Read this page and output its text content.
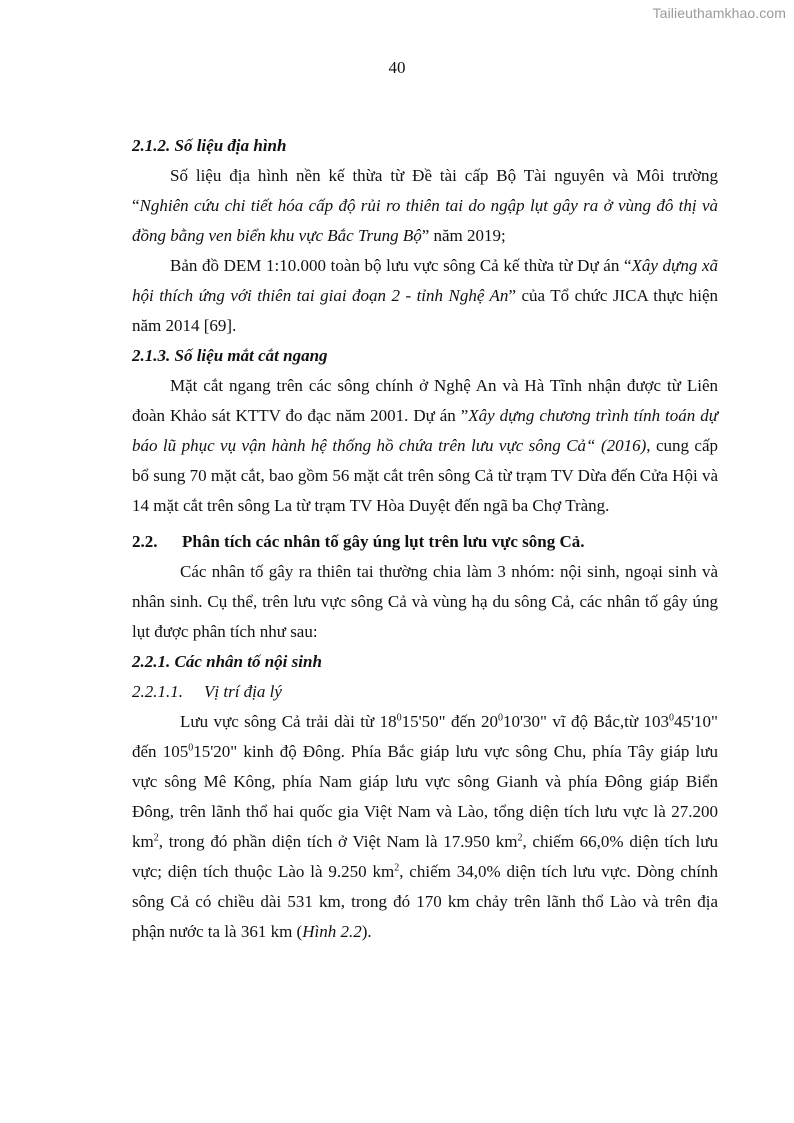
Tailieuthamkhao.com
40

2.1.2. Số liệu địa hình

Số liệu địa hình nền kế thừa từ Đề tài cấp Bộ Tài nguyên và Môi trường “Nghiên cứu chi tiết hóa cấp độ rủi ro thiên tai do ngập lụt gây ra ở vùng đô thị và đồng bằng ven biển khu vực Bắc Trung Bộ” năm 2019;

Bản đồ DEM 1:10.000 toàn bộ lưu vực sông Cả kế thừa từ Dự án “Xây dựng xã hội thích ứng với thiên tai giai đoạn 2 - tỉnh Nghệ An” của Tổ chức JICA thực hiện năm 2014 [69].

2.1.3. Số liệu mắt cắt ngang

Mặt cắt ngang trên các sông chính ở Nghệ An và Hà Tĩnh nhận được từ Liên đoàn Khảo sát KTTV đo đạc năm 2001. Dự án ”Xây dựng chương trình tính toán dự báo lũ phục vụ vận hành hệ thống hồ chứa trên lưu vực sông Cả“ (2016), cung cấp bổ sung 70 mặt cắt, bao gồm 56 mặt cắt trên sông Cả từ trạm TV Dừa đến Cửa Hội và 14 mặt cắt trên sông La từ trạm TV Hòa Duyệt đến ngã ba Chợ Tràng.

2.2. Phân tích các nhân tố gây úng lụt trên lưu vực sông Cả.

Các nhân tố gây ra thiên tai thường chia làm 3 nhóm: nội sinh, ngoại sinh và nhân sinh. Cụ thể, trên lưu vực sông Cả và vùng hạ du sông Cả, các nhân tố gây úng lụt được phân tích như sau:

2.2.1. Các nhân tố nội sinh

2.2.1.1. Vị trí địa lý

Lưu vực sông Cả trải dài từ $18^015'50$" đến $20^010'30$" vĩ độ Bắc,từ $103^045'10$" đến $105^015'20$" kinh độ Đông. Phía Bắc giáp lưu vực sông Chu, phía Tây giáp lưu vực sông Mê Kông, phía Nam giáp lưu vực sông Gianh và phía Đông giáp Biển Đông, trên lãnh thổ hai quốc gia Việt Nam và Lào, tổng diện tích lưu vực là 27.200 $km^2$, trong đó phần diện tích ở Việt Nam là 17.950 $km^2$, chiếm 66,0% diện tích lưu vực; diện tích thuộc Lào là 9.250 $km^2$, chiếm 34,0% diện tích lưu vực. Dòng chính sông Cả có chiều dài 531 km, trong đó 170 km chảy trên lãnh thổ Lào và trên địa phận nước ta là 361 km (Hình 2.2).
